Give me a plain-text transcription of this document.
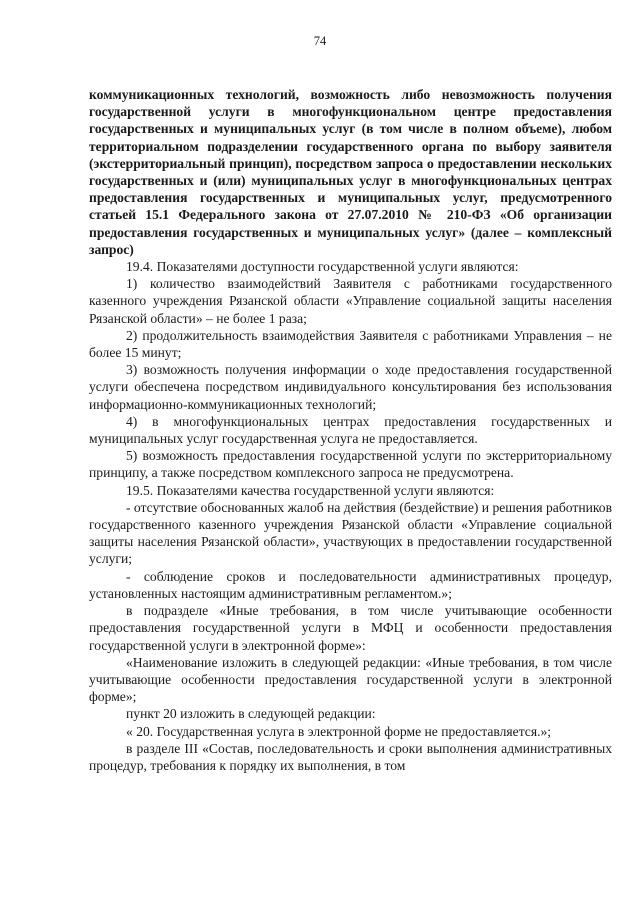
74

коммуникационных технологий, возможность либо невозможность получения государственной услуги в многофункциональном центре предоставления государственных и муниципальных услуг (в том числе в полном объеме), любом территориальном подразделении государственного органа по выбору заявителя (экстерриториальный принцип), посредством запроса о предоставлении нескольких государственных и (или) муниципальных услуг в многофункциональных центрах предоставления государственных и муниципальных услуг, предусмотренного статьей 15.1 Федерального закона от 27.07.2010 № 210-ФЗ «Об организации предоставления государственных и муниципальных услуг» (далее – комплексный запрос)

19.4. Показателями доступности государственной услуги являются:

1) количество взаимодействий Заявителя с работниками государственного казенного учреждения Рязанской области «Управление социальной защиты населения Рязанской области» – не более 1 раза;

2) продолжительность взаимодействия Заявителя с работниками Управления – не более 15 минут;

3) возможность получения информации о ходе предоставления государственной услуги обеспечена посредством индивидуального консультирования без использования информационно-коммуникационных технологий;

4) в многофункциональных центрах предоставления государственных и муниципальных услуг государственная услуга не предоставляется.

5) возможность предоставления государственной услуги по экстерриториальному принципу, а также посредством комплексного запроса не предусмотрена.

19.5. Показателями качества государственной услуги являются:

- отсутствие обоснованных жалоб на действия (бездействие) и решения работников государственного казенного учреждения Рязанской области «Управление социальной защиты населения Рязанской области», участвующих в предоставлении государственной услуги;

- соблюдение сроков и последовательности административных процедур, установленных настоящим административным регламентом.»;

в подразделе «Иные требования, в том числе учитывающие особенности предоставления государственной услуги в МФЦ и особенности предоставления государственной услуги в электронной форме»:

«Наименование изложить в следующей редакции: «Иные требования, в том числе учитывающие особенности предоставления государственной услуги в электронной форме»;

пункт 20 изложить в следующей редакции:

« 20. Государственная услуга в электронной форме не предоставляется.»;

в разделе III «Состав, последовательность и сроки выполнения административных процедур, требования к порядку их выполнения, в том
